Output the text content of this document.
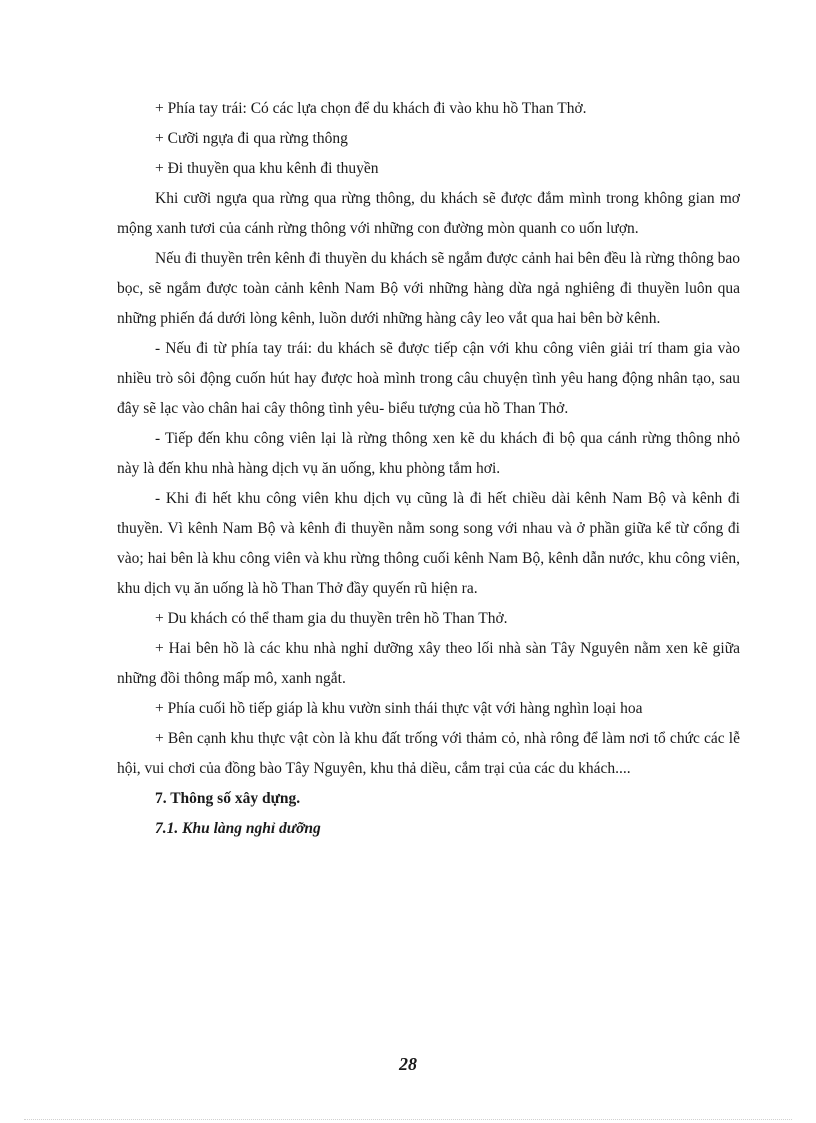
+ Phía tay trái: Có các lựa chọn để du khách đi vào khu hồ Than Thở.

+ Cưỡi ngựa đi qua rừng thông

+ Đi thuyền qua khu kênh đi thuyền

Khi cưỡi ngựa qua rừng qua rừng thông, du khách sẽ được đắm mình trong không gian mơ mộng xanh tươi của cánh rừng thông với những con đường mòn quanh co uốn lượn.

Nếu đi thuyền trên kênh đi thuyền du khách sẽ ngắm được cảnh hai bên đều là rừng thông bao bọc, sẽ ngắm được toàn cảnh kênh Nam Bộ với những hàng dừa ngả nghiêng đi thuyền luôn qua những phiến đá dưới lòng kênh, luồn dưới những hàng cây leo vắt qua hai bên bờ kênh.

- Nếu đi từ phía tay trái: du khách sẽ được tiếp cận với khu công viên giải trí tham gia vào nhiều trò sôi động cuốn hút hay được hoà mình trong câu chuyện tình yêu hang động nhân tạo, sau đây sẽ lạc vào chân hai cây thông tình yêu- biểu tượng của hồ Than Thở.

- Tiếp đến khu công viên lại là rừng thông xen kẽ du khách đi bộ qua cánh rừng thông nhỏ này là đến khu nhà hàng dịch vụ ăn uống, khu phòng tắm hơi.

- Khi đi hết khu công viên khu dịch vụ cũng là đi hết chiều dài kênh Nam Bộ và kênh đi thuyền. Vì kênh Nam Bộ và kênh đi thuyền nằm song song với nhau và ở phần giữa kể từ cổng đi vào; hai bên là khu công viên và khu rừng thông cuối kênh Nam Bộ, kênh dẫn nước, khu công viên, khu dịch vụ ăn uống là hồ Than Thở đầy quyến rũ hiện ra.

+ Du khách có thể tham gia du thuyền trên hồ Than Thở.

+ Hai bên hồ là các khu nhà nghỉ dưỡng xây theo lối nhà sàn Tây Nguyên nằm xen kẽ giữa những đồi thông mấp mô, xanh ngắt.

+ Phía cuối hồ tiếp giáp là khu vườn sinh thái thực vật với hàng nghìn loại hoa

+ Bên cạnh khu thực vật còn là khu đất trống với thảm cỏ, nhà rông để làm nơi tổ chức các lễ hội, vui chơi của đồng bào Tây Nguyên, khu thả diều, cắm trại của các du khách....

7. Thông số xây dựng.

7.1. Khu làng nghỉ dưỡng

28
